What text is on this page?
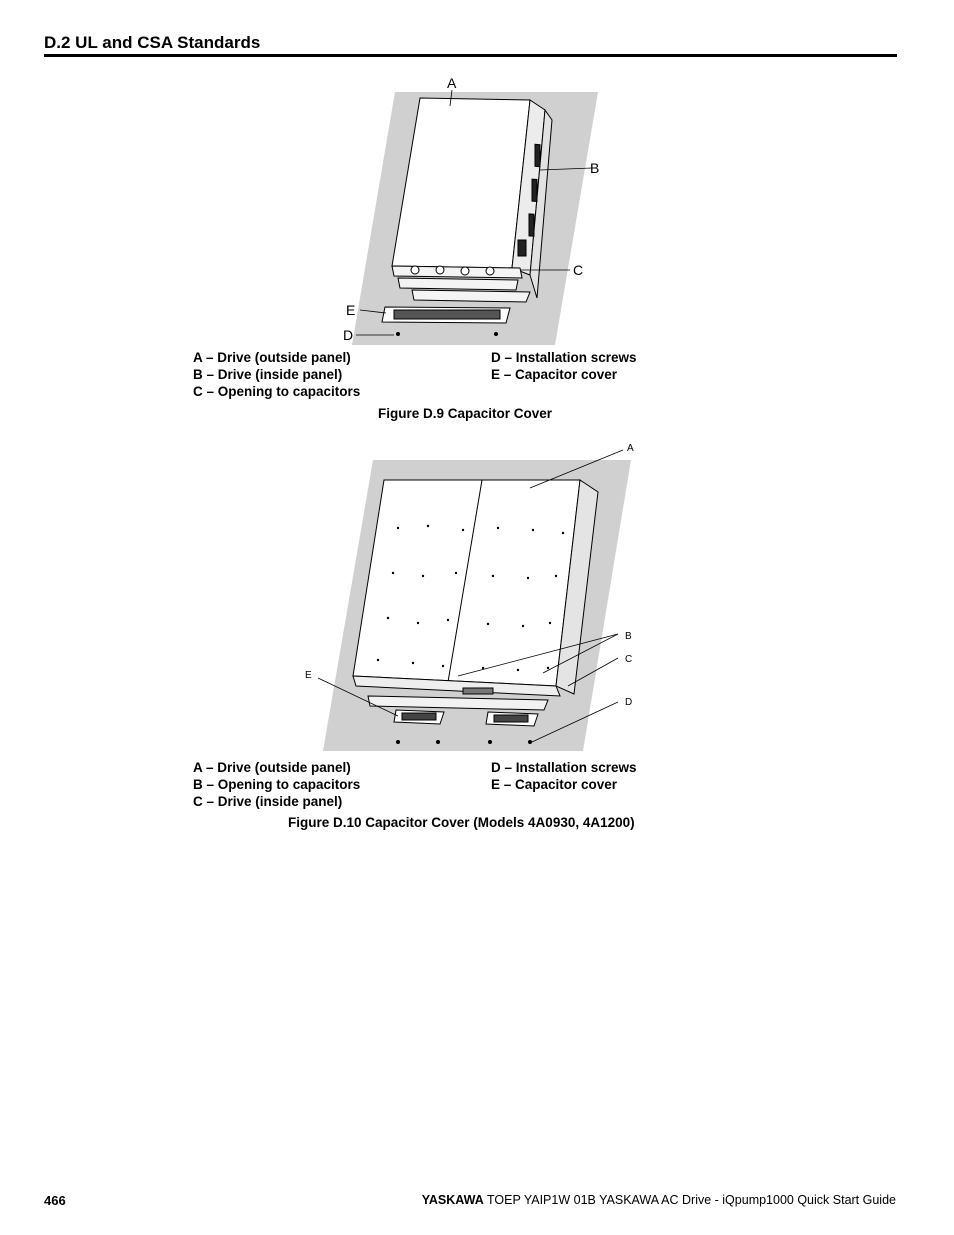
D.2 UL and CSA Standards
A
B
C
E
D
A – Drive (outside panel)
B – Drive (inside panel)
C – Opening to capacitors
D – Installation screws
E – Capacitor cover
Figure D.9 Capacitor Cover
A
B
C
D
E
A – Drive (outside panel)
B – Opening to capacitors
C – Drive (inside panel)
D – Installation screws
E – Capacitor cover
Figure D.10 Capacitor Cover (Models 4A0930, 4A1200)
466	YASKAWA TOEP YAIP1W 01B YASKAWA AC Drive - iQpump1000 Quick Start Guide
